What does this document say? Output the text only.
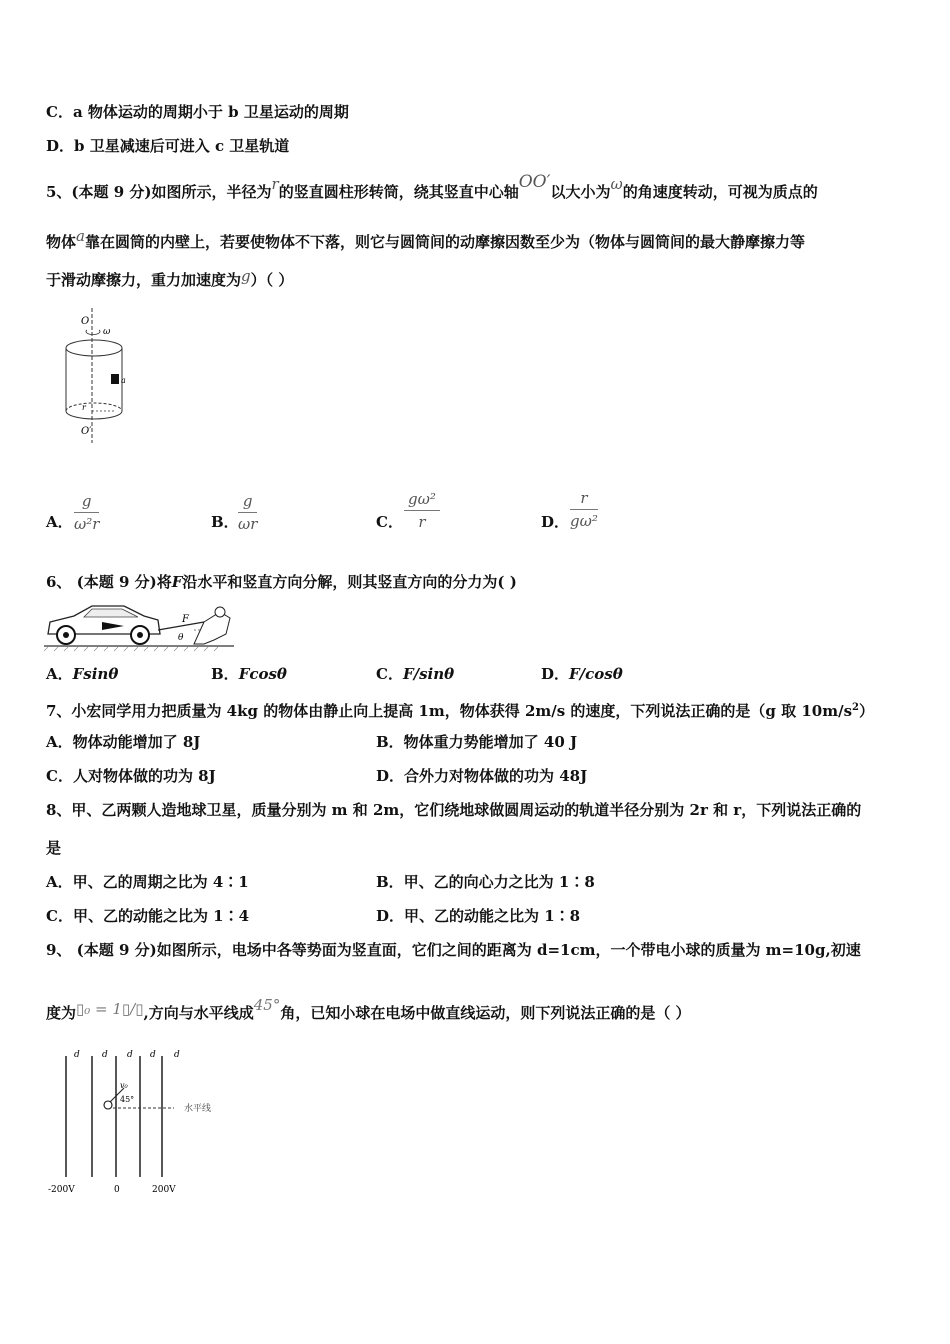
C．a 物体运动的周期小于 b 卫星运动的周期
D．b 卫星减速后可进入 c 卫星轨道
5、(本题 9 分)如图所示，半径为r的竖直圆柱形转筒，绕其竖直中心轴OO′以大小为ω的角速度转动，可视为质点的
物体a靠在圆筒的内壁上，若要使物体不下落，则它与圆筒间的动摩擦因数至少为（物体与圆筒间的最大静摩擦力等
于滑动摩擦力，重力加速度为g）（ ）
O
ω
a
r
O′
A．
g
ω²r	B．
g
ωr	C．
gω²
r	D．
r
gω²
6、 (本题 9 分)将F沿水平和竖直方向分解，则其竖直方向的分力为( )
F
θ
A．Fsinθ	B．Fcosθ	C．F/sinθ	D．F/cosθ
7、小宏同学用力把质量为 4kg 的物体由静止向上提高 1m，物体获得 2m/s 的速度，下列说法正确的是（g 取 $10m/s^2$）
A．物体动能增加了 8J	B．物体重力势能增加了 40 J
C．人对物体做的功为 8J	D．合外力对物体做的功为 48J
8、甲、乙两颗人造地球卫星，质量分别为 m 和 2m，它们绕地球做圆周运动的轨道半径分别为 2r 和 r，下列说法正确的
是
A．甲、乙的周期之比为 4∶1	B．甲、乙的向心力之比为 1∶8
C．甲、乙的动能之比为 1∶4	D．甲、乙的动能之比为 1∶8
9、 (本题 9 分)如图所示，电场中各等势面为竖直面，它们之间的距离为 d=1cm，一个带电小球的质量为 m=10g,初速
度为▯₀ = 1▯/▯,方向与水平线成45°角，已知小球在电场中做直线运动，则下列说法正确的是（ ）
d d d d d
v₀
45°
水平线
-200V	0	200V
